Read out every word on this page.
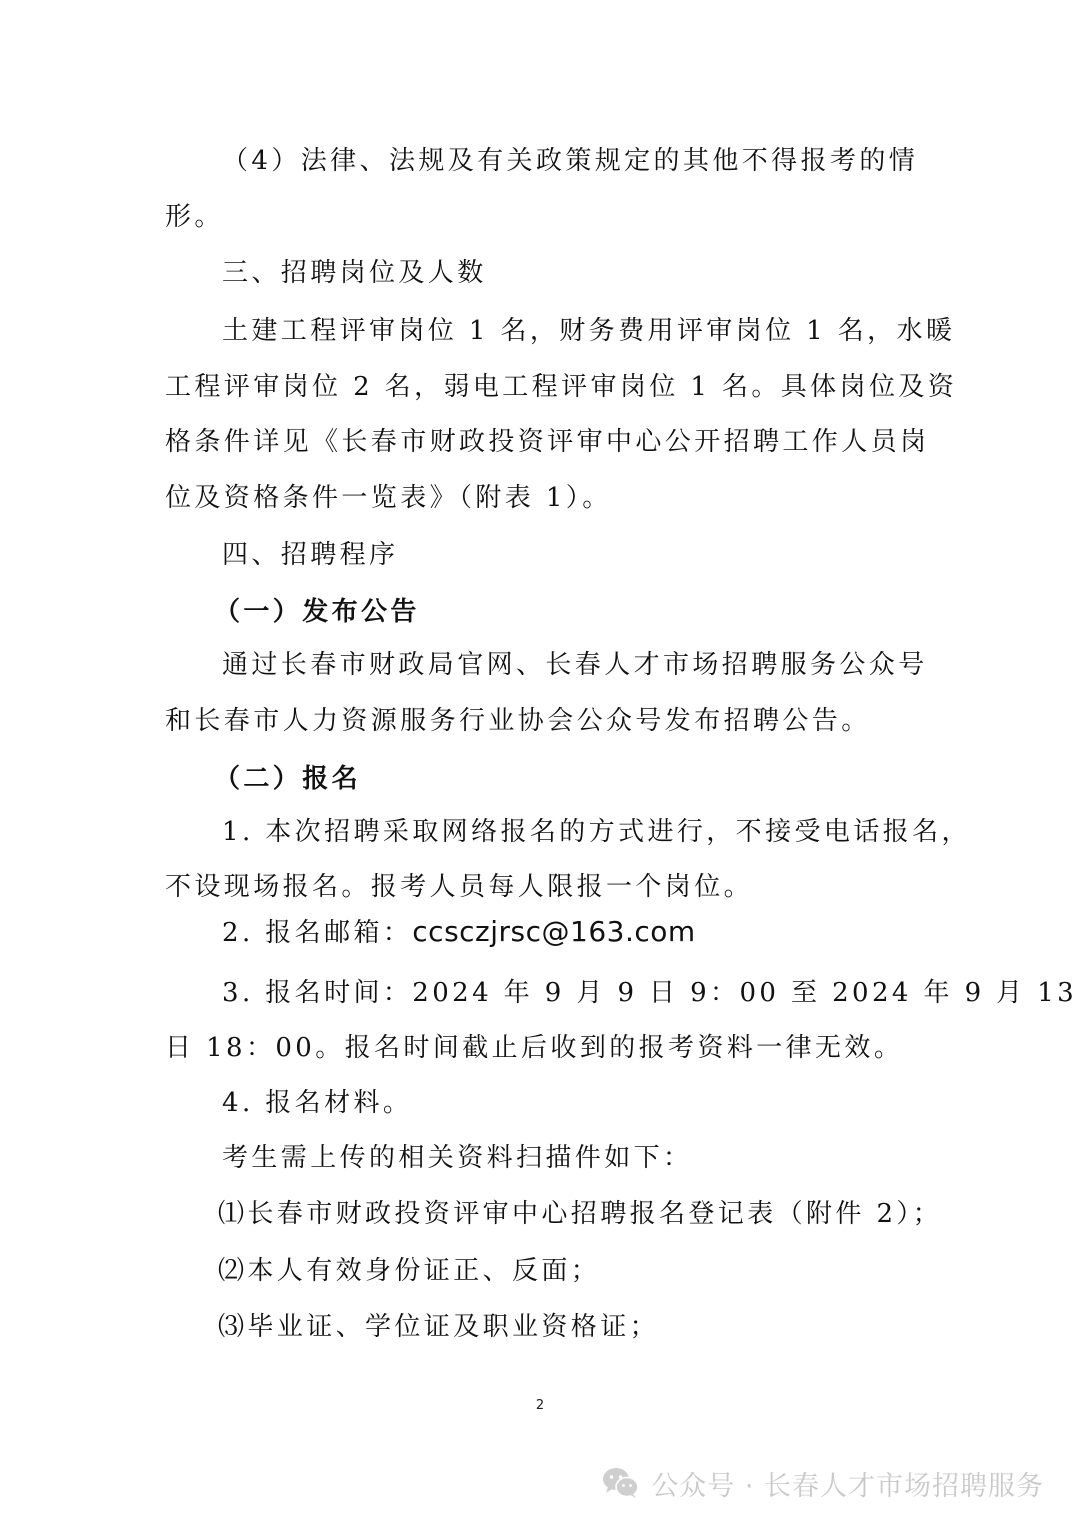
（4）法律、法规及有关政策规定的其他不得报考的情
形。
三、招聘岗位及人数
土建工程评审岗位 1 名，财务费用评审岗位 1 名，水暖
工程评审岗位 2 名，弱电工程评审岗位 1 名。具体岗位及资
格条件详见《长春市财政投资评审中心公开招聘工作人员岗
位及资格条件一览表》（附表 1）。
四、招聘程序
（一）发布公告
通过长春市财政局官网、长春人才市场招聘服务公众号
和长春市人力资源服务行业协会公众号发布招聘公告。
（二）报名
1. 本次招聘采取网络报名的方式进行，不接受电话报名，
不设现场报名。报考人员每人限报一个岗位。
2. 报名邮箱：ccsczjrsc@163.com
3. 报名时间：2024 年 9 月 9 日 9：00 至 2024 年 9 月 13
日 18：00。报名时间截止后收到的报考资料一律无效。
4. 报名材料。
考生需上传的相关资料扫描件如下：
⑴长春市财政投资评审中心招聘报名登记表（附件 2）；
⑵本人有效身份证正、反面；
⑶毕业证、学位证及职业资格证；
2
公众号 · 长春人才市场招聘服务
